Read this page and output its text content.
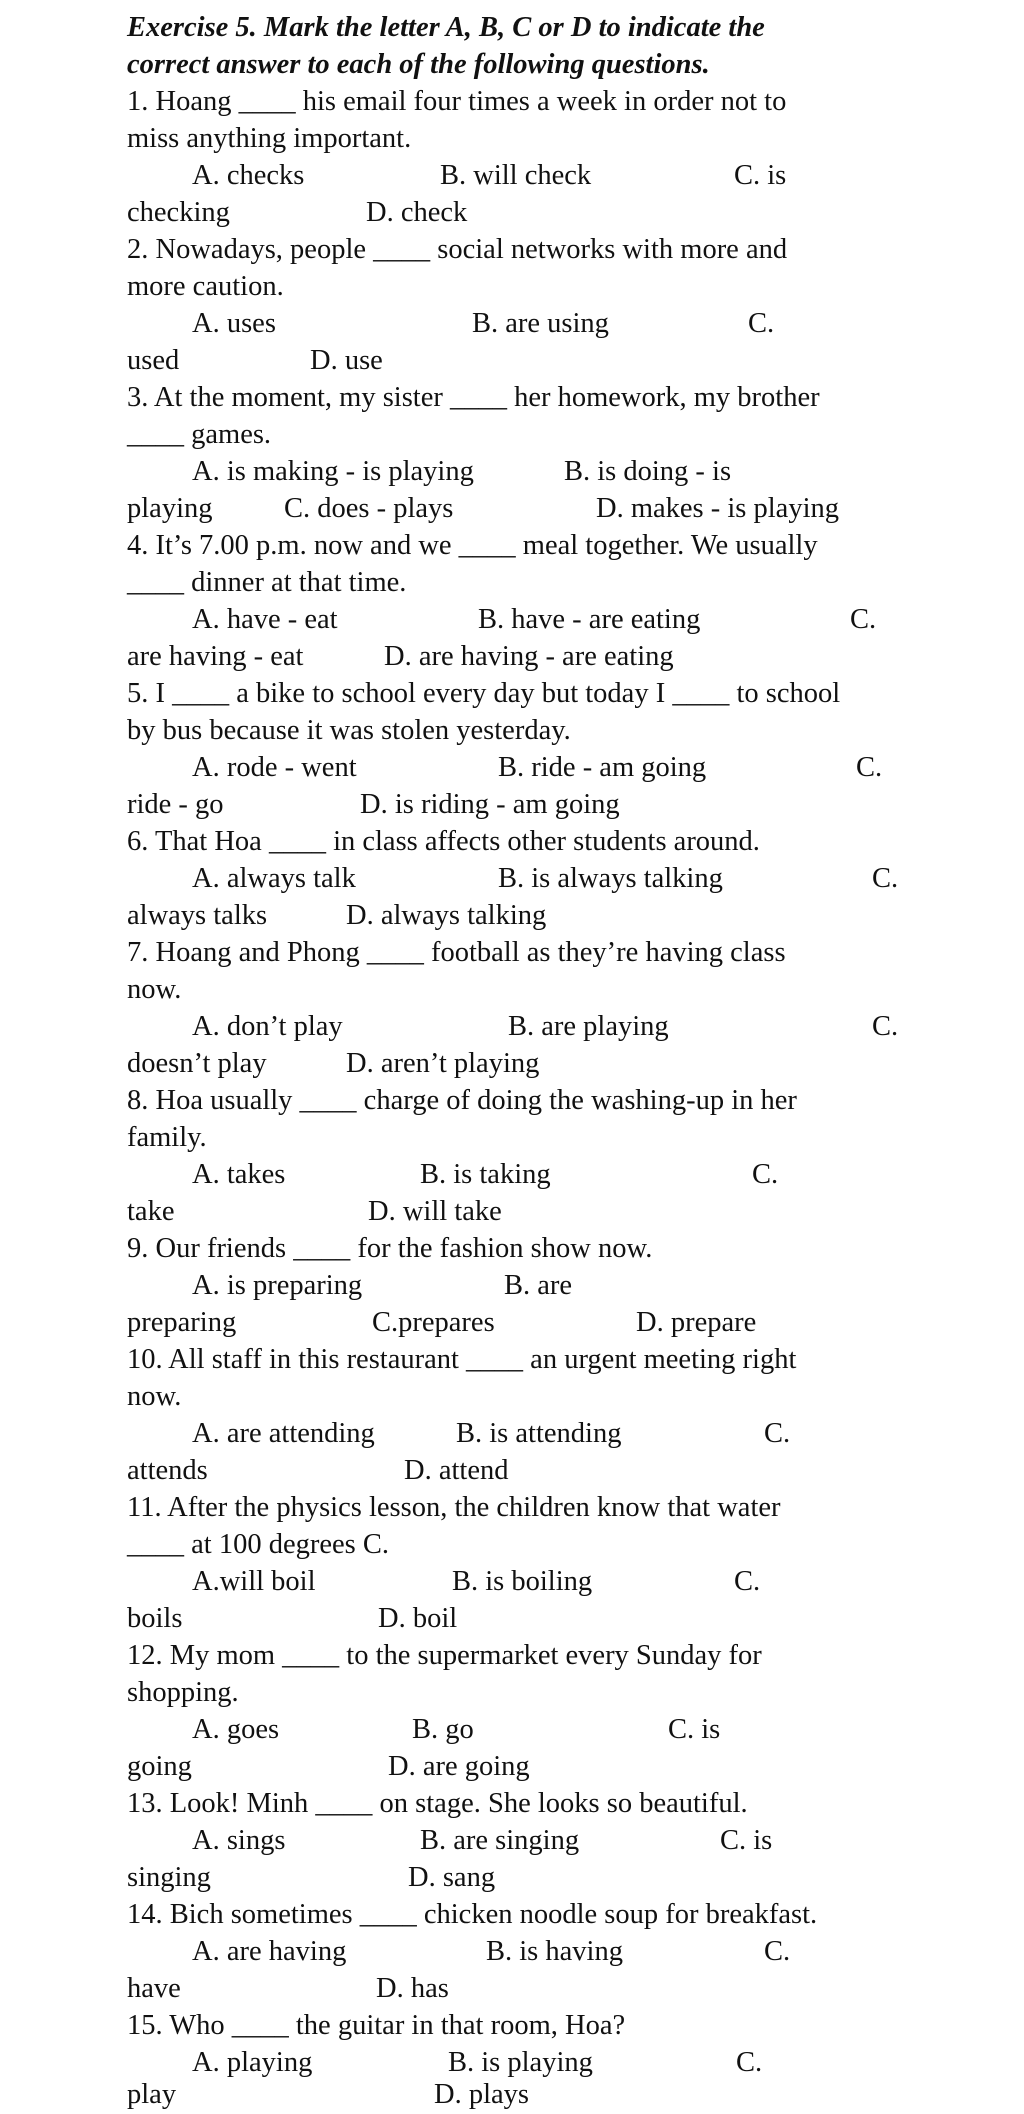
Exercise 5. Mark the letter A, B, C or D to indicate the
correct answer to each of the following questions.
1. Hoang ____ his email four times a week in order not to
miss anything important.
A. checks	B. will check	C. is
checking	D. check
2. Nowadays, people ____ social networks with more and
more caution.
A. uses	B. are using	C.
used	D. use
3. At the moment, my sister ____ her homework, my brother
____ games.
A. is making - is playing	B. is doing - is
playing	C. does - plays	D. makes - is playing
4. It’s 7.00 p.m. now and we ____ meal together. We usually
____ dinner at that time.
A. have - eat	B. have - are eating	C.
are having - eat	D. are having - are eating
5. I ____ a bike to school every day but today I ____ to school
by bus because it was stolen yesterday.
A. rode - went	B. ride - am going	C.
ride - go	D. is riding - am going
6. That Hoa ____ in class affects other students around.
A. always talk	B. is always talking	C.
always talks	D. always talking
7. Hoang and Phong ____ football as they’re having class
now.
A. don’t play	B. are playing	C.
doesn’t play	D. aren’t playing
8. Hoa usually ____ charge of doing the washing-up in her
family.
A. takes	B. is taking	C.
take	D. will take
9. Our friends ____ for the fashion show now.
A. is preparing	B. are
preparing	C.prepares	D. prepare
10. All staff in this restaurant ____ an urgent meeting right
now.
A. are attending	B. is attending	C.
attends	D. attend
11. After the physics lesson, the children know that water
____ at 100 degrees C.
A.will boil	B. is boiling	C.
boils	D. boil
12. My mom ____ to the supermarket every Sunday for
shopping.
A. goes	B. go	C. is
going	D. are going
13. Look! Minh ____ on stage. She looks so beautiful.
A. sings	B. are singing	C. is
singing	D. sang
14. Bich sometimes ____ chicken noodle soup for breakfast.
A. are having	B. is having	C.
have	D. has
15. Who ____ the guitar in that room, Hoa?
A. playing	B. is playing	C.
play	D. plays
